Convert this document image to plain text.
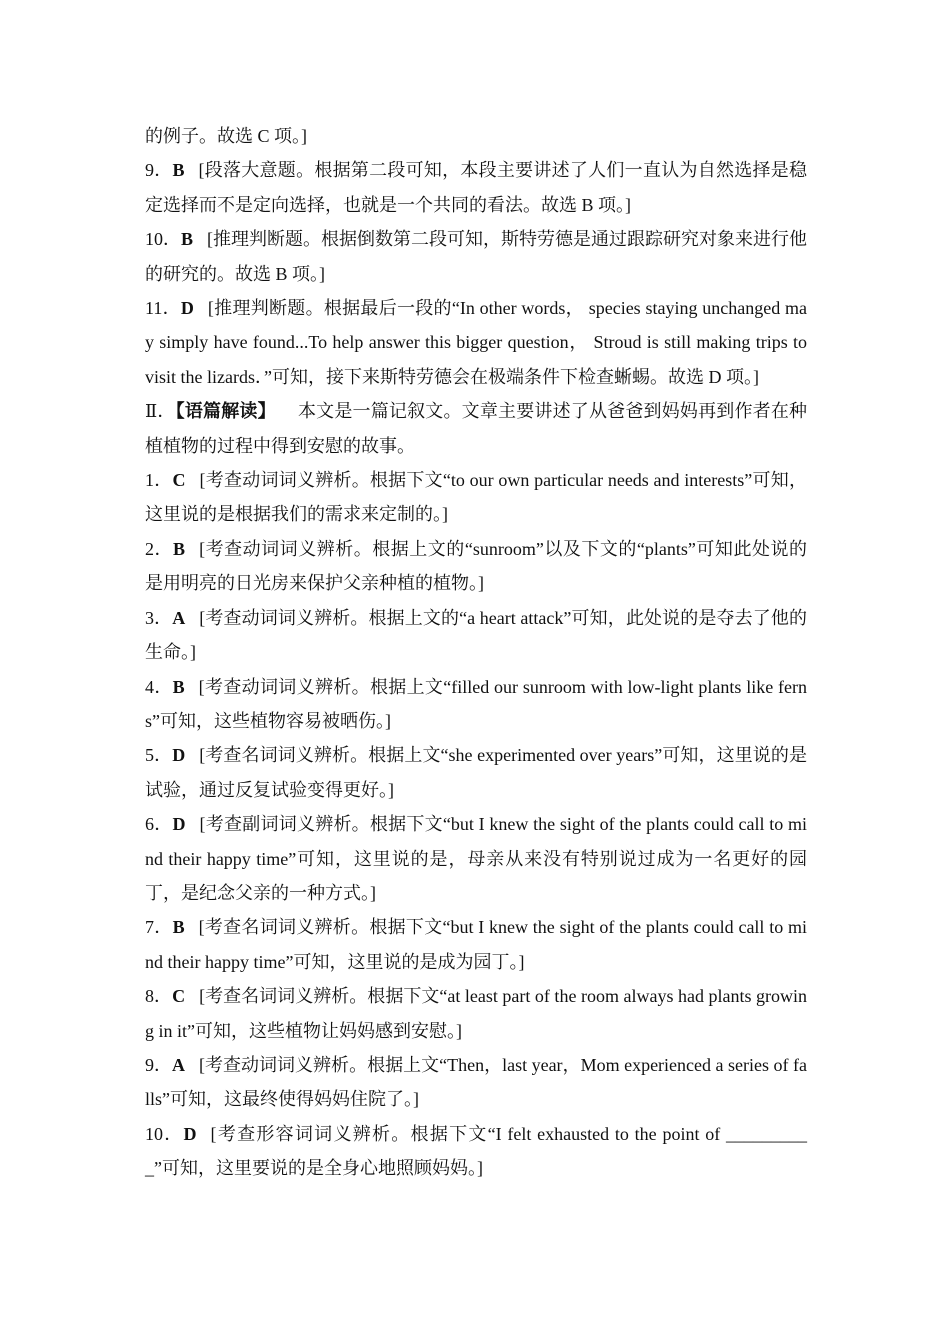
的例子。故选 C 项。]

9．B [段落大意题。根据第二段可知，本段主要讲述了人们一直认为自然选择是稳定选择而不是定向选择，也就是一个共同的看法。故选 B 项。]

10．B [推理判断题。根据倒数第二段可知，斯特劳德是通过跟踪研究对象来进行他的研究的。故选 B 项。]

11．D [推理判断题。根据最后一段的“In other words， species staying unchanged may simply have found...To help answer this bigger question， Stroud is still making trips to visit the lizards．”可知，接下来斯特劳德会在极端条件下检查蜥蜴。故选 D 项。]

Ⅱ．【语篇解读】 本文是一篇记叙文。文章主要讲述了从爸爸到妈妈再到作者在种植植物的过程中得到安慰的故事。

1．C [考查动词词义辨析。根据下文“to our own particular needs and interests”可知，这里说的是根据我们的需求来定制的。]

2．B [考查动词词义辨析。根据上文的“sunroom”以及下文的“plants”可知此处说的是用明亮的日光房来保护父亲种植的植物。]

3．A [考查动词词义辨析。根据上文的“a heart attack”可知，此处说的是夺去了他的生命。]

4．B [考查动词词义辨析。根据上文“filled our sunroom with low-light plants like ferns”可知，这些植物容易被晒伤。]

5．D [考查名词词义辨析。根据上文“she experimented over years”可知，这里说的是试验，通过反复试验变得更好。]

6．D [考查副词词义辨析。根据下文“but I knew the sight of the plants could call to mind their happy time”可知，这里说的是，母亲从来没有特别说过成为一名更好的园丁，是纪念父亲的一种方式。]

7．B [考查名词词义辨析。根据下文“but I knew the sight of the plants could call to mind their happy time”可知，这里说的是成为园丁。]

8．C [考查名词词义辨析。根据下文“at least part of the room always had plants growing in it”可知，这些植物让妈妈感到安慰。]

9．A [考查动词词义辨析。根据上文“Then，last year，Mom experienced a series of falls”可知，这最终使得妈妈住院了。]

10．D [考查形容词词义辨析。根据下文“I felt exhausted to the point of __________”可知，这里要说的是全身心地照顾妈妈。]
